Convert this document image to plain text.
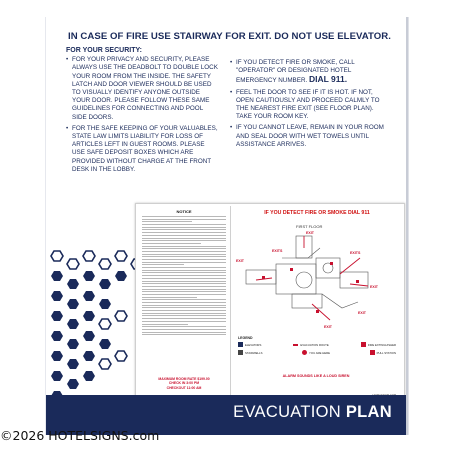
IN CASE OF FIRE USE STAIRWAY FOR EXIT. DO NOT USE ELEVATOR.
FOR YOUR SECURITY:
• FOR YOUR PRIVACY AND SECURITY, PLEASE ALWAYS USE THE DEADBOLT TO DOUBLE LOCK YOUR ROOM FROM THE INSIDE. THE SAFETY LATCH AND DOOR VIEWER SHOULD BE USED TO VISUALLY IDENTIFY ANYONE OUTSIDE YOUR DOOR. PLEASE FOLLOW THESE SAME GUIDELINES FOR CONNECTING AND POOL SIDE DOORS.
• FOR THE SAFE KEEPING OF YOUR VALUABLES, STATE LAW LIMITS LIABILITY FOR LOSS OF ARTICLES LEFT IN GUEST ROOMS. PLEASE USE SAFE DEPOSIT BOXES WHICH ARE PROVIDED WITHOUT CHARGE AT THE FRONT DESK IN THE LOBBY.
• IF YOU DETECT FIRE OR SMOKE, CALL "OPERATOR" OR DESIGNATED HOTEL EMERGENCY NUMBER. DIAL 911.
• FEEL THE DOOR TO SEE IF IT IS HOT. IF NOT, OPEN CAUTIOUSLY AND PROCEED CALMLY TO THE NEAREST FIRE EXIT (SEE FLOOR PLAN). TAKE YOUR ROOM KEY.
• IF YOU CANNOT LEAVE, REMAIN IN YOUR ROOM AND SEAL DOOR WITH WET TOWELS UNTIL ASSISTANCE ARRIVES.
NOTICE
MAXIMUM ROOM RATE $199.00
CHECK IN 3:00 PM
CHECKOUT 11:00 AM
IF YOU DETECT FIRE OR SMOKE DIAL 911
FIRST FLOOR
EXIT
EXIT
EXITS	EXITS
EXIT
EXIT
EXIT
LEGEND
ELEVATORS	EVACUATION ROUTE	FIRE EXTINGUISHER
STAIRWELLS	YOU ARE HERE	PULL STATION
ALARM SOUNDS LIKE A LOUD SIREN
EVACUATION PLAN
©2026 HOTELSIGNS.com
